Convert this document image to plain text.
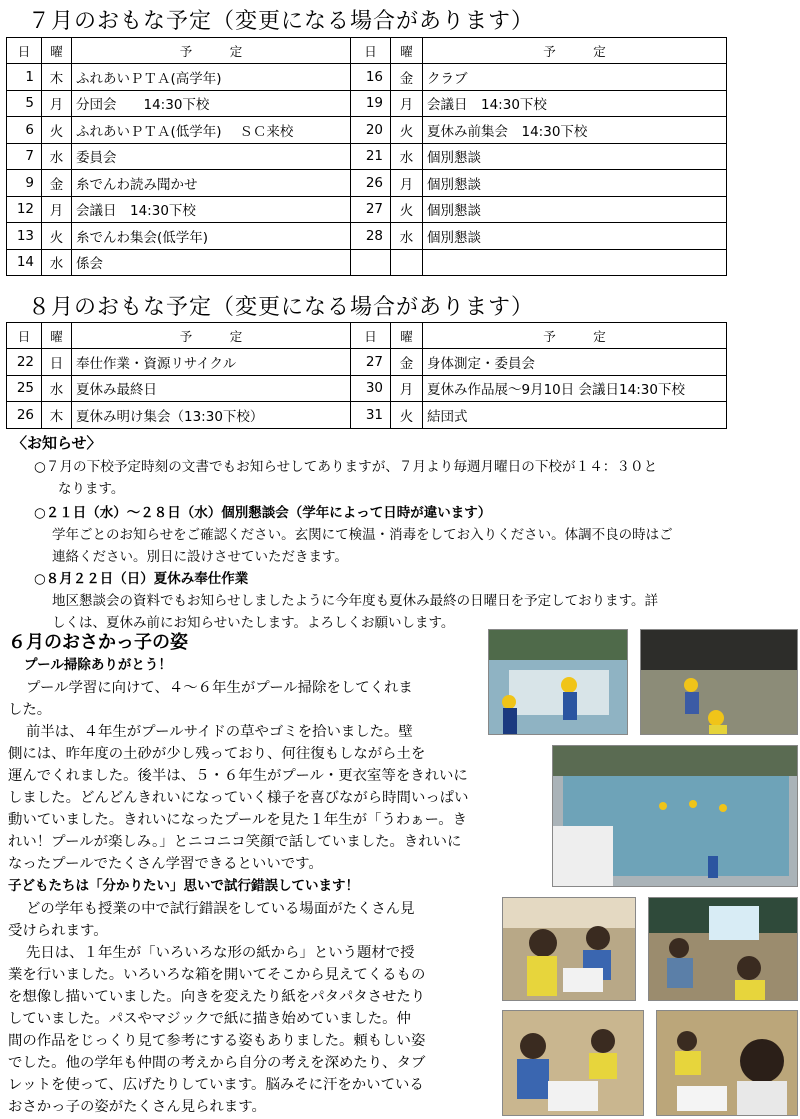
７月のおもな予定（変更になる場合があります）
日	曜	予　　　定	日	曜	予　　　定
1	木	ふれあいＰＴＡ(高学年)	16	金	クラブ
5	月	分団会　　14:30下校	19	月	会議日　14:30下校
6	火	ふれあいＰＴＡ(低学年)　 ＳＣ来校	20	火	夏休み前集会　14:30下校
7	水	委員会	21	水	個別懇談
9	金	糸でんわ読み聞かせ	26	月	個別懇談
12	月	会議日　14:30下校	27	火	個別懇談
13	火	糸でんわ集会(低学年)	28	水	個別懇談
14	水	係会			
８月のおもな予定（変更になる場合があります）
日	曜	予　　　定	日	曜	予　　　定
22	日	奉仕作業・資源リサイクル	27	金	身体測定・委員会
25	水	夏休み最終日	30	月	夏休み作品展～9月10日 会議日14:30下校
26	木	夏休み明け集会（13:30下校）	31	火	結団式
〈お知らせ〉
○７月の下校予定時刻の文書でもお知らせしてありますが、７月より毎週月曜日の下校が１４：３０と
なります。
○２１日（水）～２８日（水）個別懇談会（学年によって日時が違います）
学年ごとのお知らせをご確認ください。玄関にて検温・消毒をしてお入りください。体調不良の時はご
連絡ください。別日に設けさせていただきます。
○８月２２日（日）夏休み奉仕作業
地区懇談会の資料でもお知らせしましたように今年度も夏休み最終の日曜日を予定しております。詳
しくは、夏休み前にお知らせいたします。よろしくお願いします。
６月のおさかっ子の姿
プール掃除ありがとう！
プール学習に向けて、４～６年生がプール掃除をしてくれま
した。
前半は、４年生がプールサイドの草やゴミを拾いました。壁
側には、昨年度の土砂が少し残っており、何往復もしながら土を
運んでくれました。後半は、５・６年生がプール・更衣室等をきれいに
しました。どんどんきれいになっていく様子を喜びながら時間いっぱい
動いていました。きれいになったプールを見た１年生が「うわぁー。き
れい！プールが楽しみ。」とニコニコ笑顔で話していました。きれいに
なったプールでたくさん学習できるといいです。
子どもたちは「分かりたい」思いで試行錯誤しています！
どの学年も授業の中で試行錯誤をしている場面がたくさん見
受けられます。
先日は、１年生が「いろいろな形の紙から」という題材で授
業を行いました。いろいろな箱を開いてそこから見えてくるもの
を想像し描いていました。向きを変えたり紙をパタパタさせたり
していました。パスやマジックで紙に描き始めていました。仲
間の作品をじっくり見て参考にする姿もありました。頼もしい姿
でした。他の学年も仲間の考えから自分の考えを深めたり、タブ
レットを使って、広げたりしています。脳みそに汗をかいている
おさかっ子の姿がたくさん見られます。
